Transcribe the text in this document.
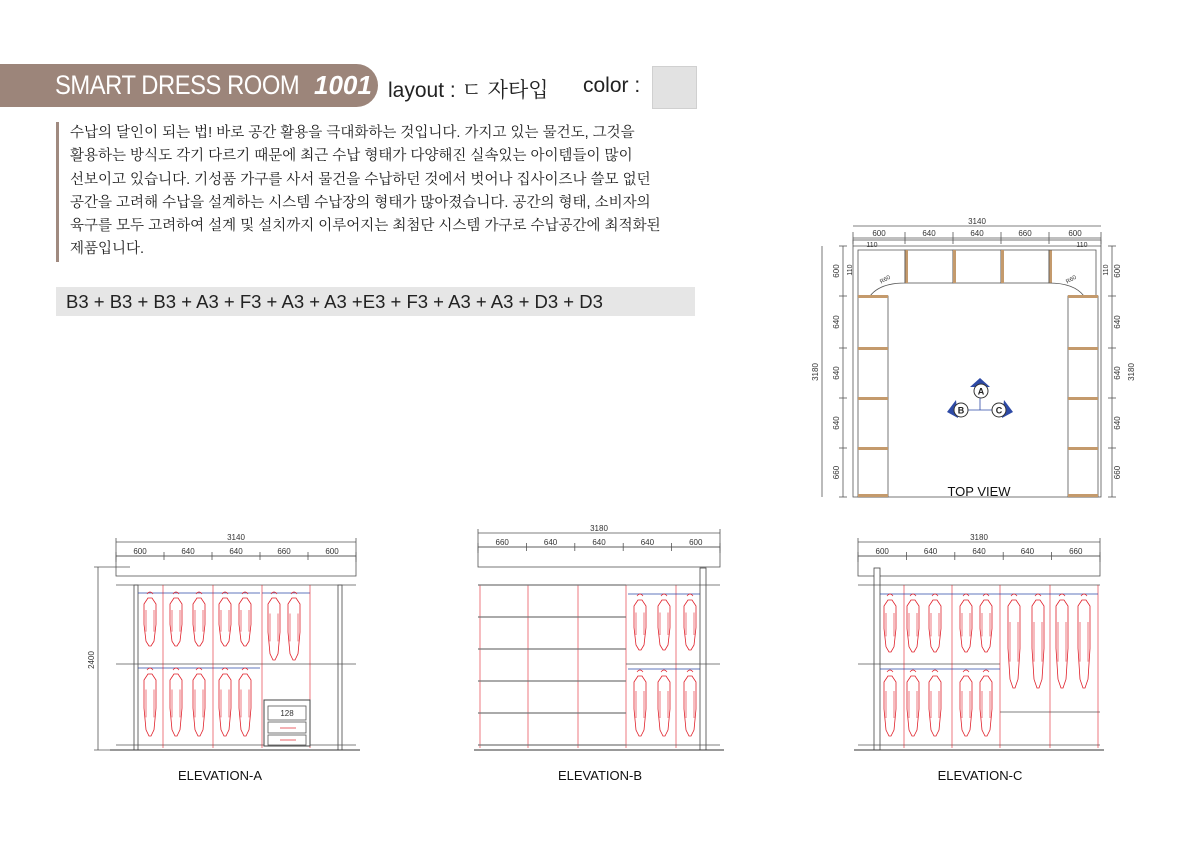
SMART DRESS ROOM 1001 layout : ㄷ 자타입 color :
수납의 달인이 되는 법! 바로 공간 활용을 극대화하는 것입니다. 가지고 있는 물건도, 그것을
활용하는 방식도 각기 다르기 때문에 최근 수납 형태가 다양해진 실속있는 아이템들이 많이
선보이고 있습니다. 기성품 가구를 사서 물건을 수납하던 것에서 벗어나 집사이즈나 쓸모 없던
공간을 고려해 수납을 설계하는 시스템 수납장의 형태가 많아졌습니다. 공간의 형태, 소비자의
육구를 모두 고려하여 설계 및 설치까지 이루어지는 최첨단 시스템 가구로 수납공간에 최적화된
제품입니다.
B3 + B3 + B3 + A3 + F3 + A3 + A3 +E3 + F3 + A3 + A3 + D3 + D3
3140
600	640	640	660	600
2400
128
3180
660	640	640	640	600
3180
600	640	640	640	660
3140
600	640	640	660	600
110	110
R60	R60
600
640
640
640
660
600
640
640
640
660
110	110
3180	3180
A
B	C
TOP VIEW
ELEVATION-A	ELEVATION-B	ELEVATION-C
